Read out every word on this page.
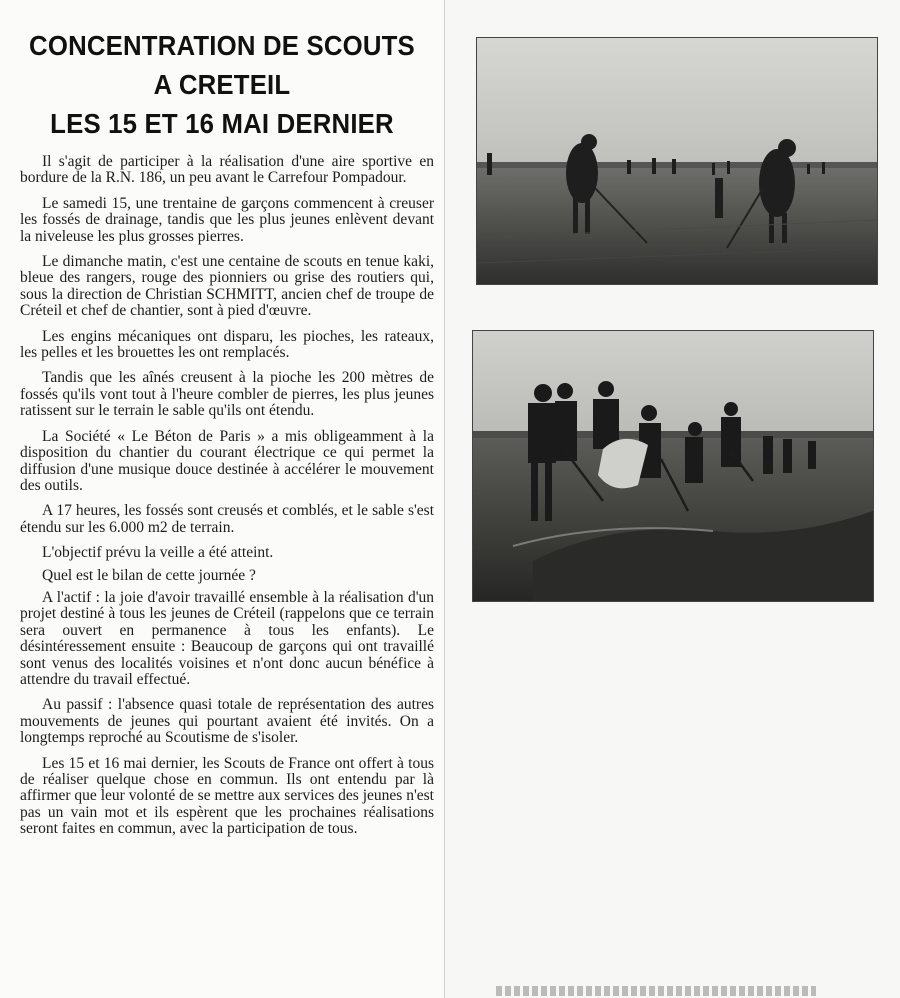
CONCENTRATION DE SCOUTS
A CRETEIL
LES 15 ET 16 MAI DERNIER

Il s'agit de participer à la réalisation d'une aire sportive en bordure de la R.N. 186, un peu avant le Carrefour Pompadour.

Le samedi 15, une trentaine de garçons commencent à creuser les fossés de drainage, tandis que les plus jeunes enlèvent devant la niveleuse les plus grosses pierres.

Le dimanche matin, c'est une centaine de scouts en tenue kaki, bleue des rangers, rouge des pionniers ou grise des routiers qui, sous la direction de Christian SCHMITT, ancien chef de troupe de Créteil et chef de chantier, sont à pied d'œuvre.

Les engins mécaniques ont disparu, les pioches, les rateaux, les pelles et les brouettes les ont remplacés.

Tandis que les aînés creusent à la pioche les 200 mètres de fossés qu'ils vont tout à l'heure combler de pierres, les plus jeunes ratissent sur le terrain le sable qu'ils ont étendu.

La Société « Le Béton de Paris » a mis obligeamment à la disposition du chantier du courant électrique ce qui permet la diffusion d'une musique douce destinée à accélérer le mouvement des outils.

A 17 heures, les fossés sont creusés et comblés, et le sable s'est étendu sur les 6.000 m2 de terrain.

L'objectif prévu la veille a été atteint.

Quel est le bilan de cette journée ?

A l'actif : la joie d'avoir travaillé ensemble à la réalisation d'un projet destiné à tous les jeunes de Créteil (rappelons que ce terrain sera ouvert en permanence à tous les enfants). Le désintéressement ensuite : Beaucoup de garçons qui ont travaillé sont venus des localités voisines et n'ont donc aucun bénéfice à attendre du travail effectué.

Au passif : l'absence quasi totale de représentation des autres mouvements de jeunes qui pourtant avaient été invités. On a longtemps reproché au Scoutisme de s'isoler.

Les 15 et 16 mai dernier, les Scouts de France ont offert à tous de réaliser quelque chose en commun. Ils ont entendu par là affirmer que leur volonté de se mettre aux services des jeunes n'est pas un vain mot et ils espèrent que les prochaines réalisations seront faites en commun, avec la participation de tous.
